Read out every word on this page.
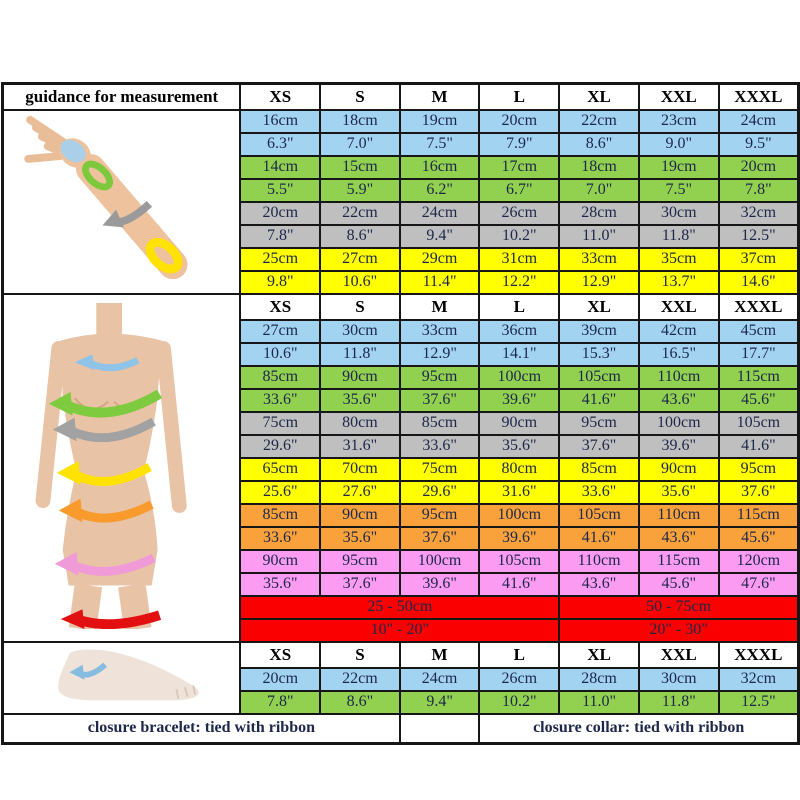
guidance for measurement	XS	S	M	L	XL	XXL	XXXL
	16cm	18cm	19cm	20cm	22cm	23cm	24cm
	6.3"	7.0"	7.5"	7.9"	8.6"	9.0"	9.5"
	14cm	15cm	16cm	17cm	18cm	19cm	20cm
	5.5"	5.9"	6.2"	6.7"	7.0"	7.5"	7.8"
	20cm	22cm	24cm	26cm	28cm	30cm	32cm
	7.8"	8.6"	9.4"	10.2"	11.0"	11.8"	12.5"
	25cm	27cm	29cm	31cm	33cm	35cm	37cm
	9.8"	10.6"	11.4"	12.2"	12.9"	13.7"	14.6"
	XS	S	M	L	XL	XXL	XXXL
	27cm	30cm	33cm	36cm	39cm	42cm	45cm
	10.6"	11.8"	12.9"	14.1"	15.3"	16.5"	17.7"
	85cm	90cm	95cm	100cm	105cm	110cm	115cm
	33.6"	35.6"	37.6"	39.6"	41.6"	43.6"	45.6"
	75cm	80cm	85cm	90cm	95cm	100cm	105cm
	29.6"	31.6"	33.6"	35.6"	37.6"	39.6"	41.6"
	65cm	70cm	75cm	80cm	85cm	90cm	95cm
	25.6"	27.6"	29.6"	31.6"	33.6"	35.6"	37.6"
	85cm	90cm	95cm	100cm	105cm	110cm	115cm
	33.6"	35.6"	37.6"	39.6"	41.6"	43.6"	45.6"
	90cm	95cm	100cm	105cm	110cm	115cm	120cm
	35.6"	37.6"	39.6"	41.6"	43.6"	45.6"	47.6"
	25 - 50cm				50 - 75cm		
	10" - 20"				20" - 30"		
	XS	S	M	L	XL	XXL	XXXL
	20cm	22cm	24cm	26cm	28cm	30cm	32cm
	7.8"	8.6"	9.4"	10.2"	11.0"	11.8"	12.5"
closure bracelet: tied with ribbon				closure collar: tied with ribbon			
